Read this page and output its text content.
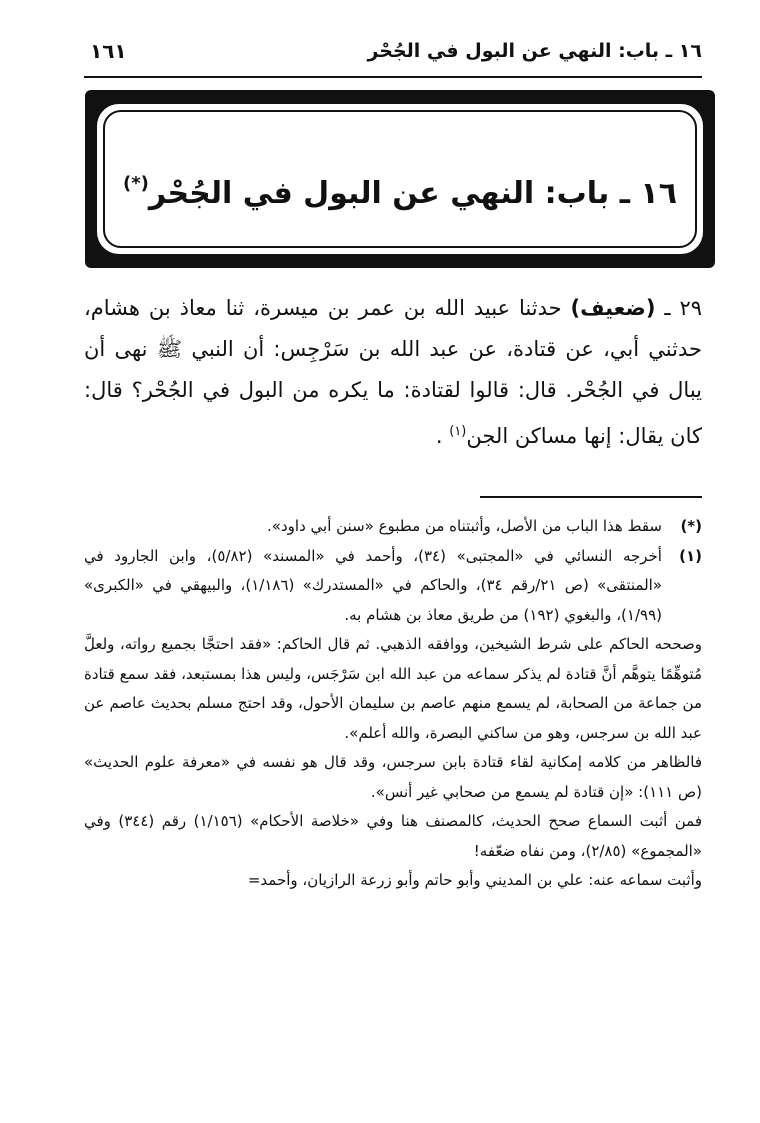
١٦ ـ باب: النهي عن البول في الجُحْر
١٦١
١٦ ـ باب: النهي عن البول في الجُحْر(*)
٢٩ ـ (ضعيف) حدثنا عبيد الله بن عمر بن ميسرة، ثنا معاذ بن هشام، حدثني أبي، عن قتادة، عن عبد الله بن سَرْجِس: أن النبي ﷺ نهى أن يبال في الجُحْر. قال: قالوا لقتادة: ما يكره من البول في الجُحْر؟ قال: كان يقال: إنها مساكن الجن$^{(١)}$ .
(*)

سقط هذا الباب من الأصل، وأثبتناه من مطبوع «سنن أبي داود».

(١)

أخرجه النسائي في «المجتبى» (٣٤)، وأحمد في «المسند» (٥/٨٢)، وابن الجارود في «المنتقى» (ص ٢١/رقم ٣٤)، والحاكم في «المستدرك» (١/١٨٦)، والبيهقي في «الكبرى» (١/٩٩)، والبغوي (١٩٢) من طريق معاذ بن هشام به.

وصححه الحاكم على شرط الشيخين، ووافقه الذهبي. ثم قال الحاكم: «فقد احتجَّا بجميع رواته، ولعلَّ مُتوهِّمًا يتوهَّم أنَّ قتادة لم يذكر سماعه من عبد الله ابن سَرْجَس، وليس هذا بمستبعد، فقد سمع قتادة من جماعة من الصحابة، لم يسمع منهم عاصم بن سليمان الأحول، وقد احتج مسلم بحديث عاصم عن عبد الله بن سرجس، وهو من ساكني البصرة، والله أعلم».

فالظاهر من كلامه إمكانية لقاء قتادة بابن سرجس، وقد قال هو نفسه في «معرفة علوم الحديث» (ص ١١١): «إن قتادة لم يسمع من صحابي غير أنس».

فمن أثبت السماع صحح الحديث، كالمصنف هنا وفي «خلاصة الأحكام» (١/١٥٦) رقم (٣٤٤) وفي «المجموع» (٢/٨٥)، ومن نفاه ضعّفه!

وأثبت سماعه عنه: علي بن المديني وأبو حاتم وأبو زرعة الرازيان، وأحمد=
